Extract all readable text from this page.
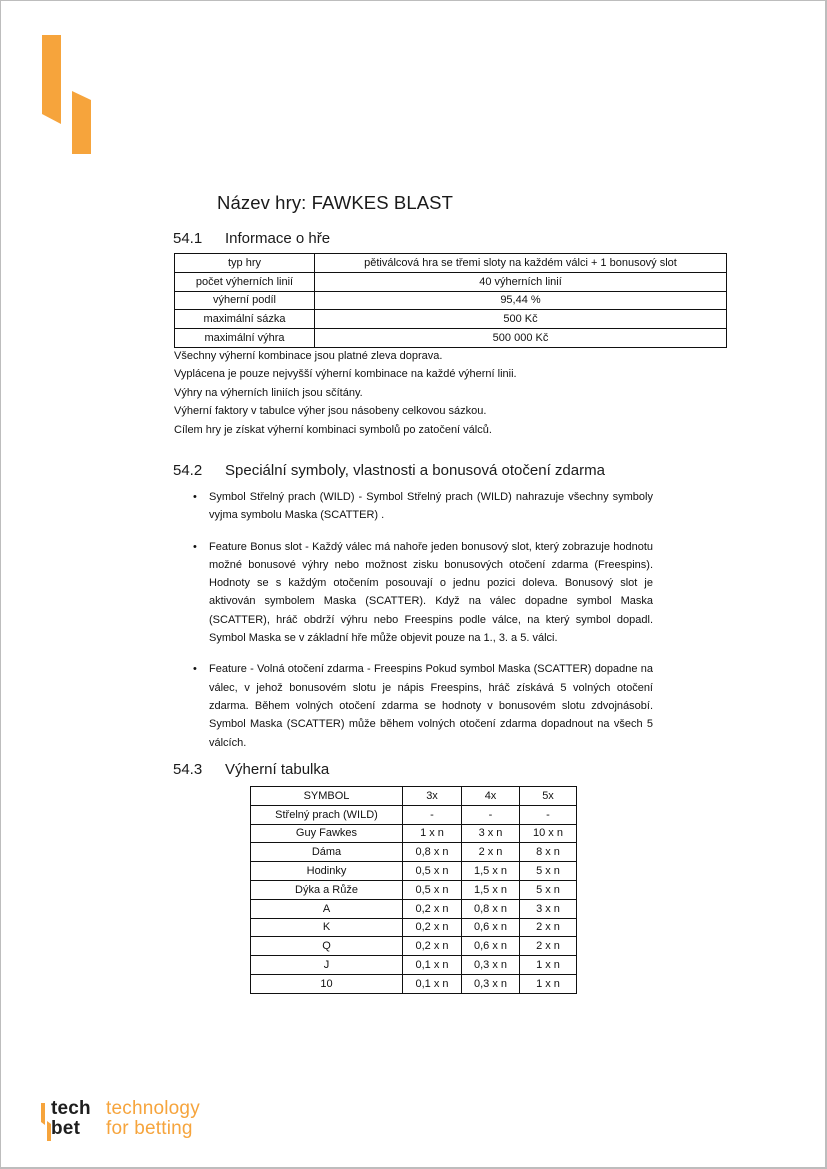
Název hry: FAWKES BLAST
54.1 Informace o hře
typ hry	pětiválcová hra se třemi sloty na každém válci + 1 bonusový slot
počet výherních linií	40 výherních linií
výherní podíl	95,44 %
maximální sázka	500 Kč
maximální výhra	500 000 Kč

Všechny výherní kombinace jsou platné zleva doprava.

Vyplácena je pouze nejvyšší výherní kombinace na každé výherní linii.

Výhry na výherních liniích jsou sčítány.

Výherní faktory v tabulce výher jsou násobeny celkovou sázkou.

Cílem hry je získat výherní kombinaci symbolů po zatočení válců.

54.2 Speciální symboly, vlastnosti a bonusová otočení zdarma
• Symbol Střelný prach (WILD) - Symbol Střelný prach (WILD) nahrazuje všechny symboly vyjma symbolu Maska (SCATTER) .
• Feature Bonus slot - Každý válec má nahoře jeden bonusový slot, který zobrazuje hodnotu možné bonusové výhry nebo možnost zisku bonusových otočení zdarma (Freespins). Hodnoty se s každým otočením posouvají o jednu pozici doleva. Bonusový slot je aktivován symbolem Maska (SCATTER). Když na válec dopadne symbol Maska (SCATTER), hráč obdrží výhru nebo Freespins podle válce, na který symbol dopadl. Symbol Maska se v základní hře může objevit pouze na 1., 3. a 5. válci.
• Feature - Volná otočení zdarma - Freespins Pokud symbol Maska (SCATTER) dopadne na válec, v jehož bonusovém slotu je nápis Freespins, hráč získává 5 volných otočení zdarma. Během volných otočení zdarma se hodnoty v bonusovém slotu zdvojnásobí. Symbol Maska (SCATTER) může během volných otočení zdarma dopadnout na všech 5 válcích.
54.3 Výherní tabulka
SYMBOL	3x	4x	5x
Střelný prach (WILD)	-	-	-
Guy Fawkes	1 x n	3 x n	10 x n
Dáma	0,8 x n	2 x n	8 x n
Hodinky	0,5 x n	1,5 x n	5 x n
Dýka a Růže	0,5 x n	1,5 x n	5 x n
A	0,2 x n	0,8 x n	3 x n
K	0,2 x n	0,6 x n	2 x n
Q	0,2 x n	0,6 x n	2 x n
J	0,1 x n	0,3 x n	1 x n
10	0,1 x n	0,3 x n	1 x n
tech
bet
technology
for betting
